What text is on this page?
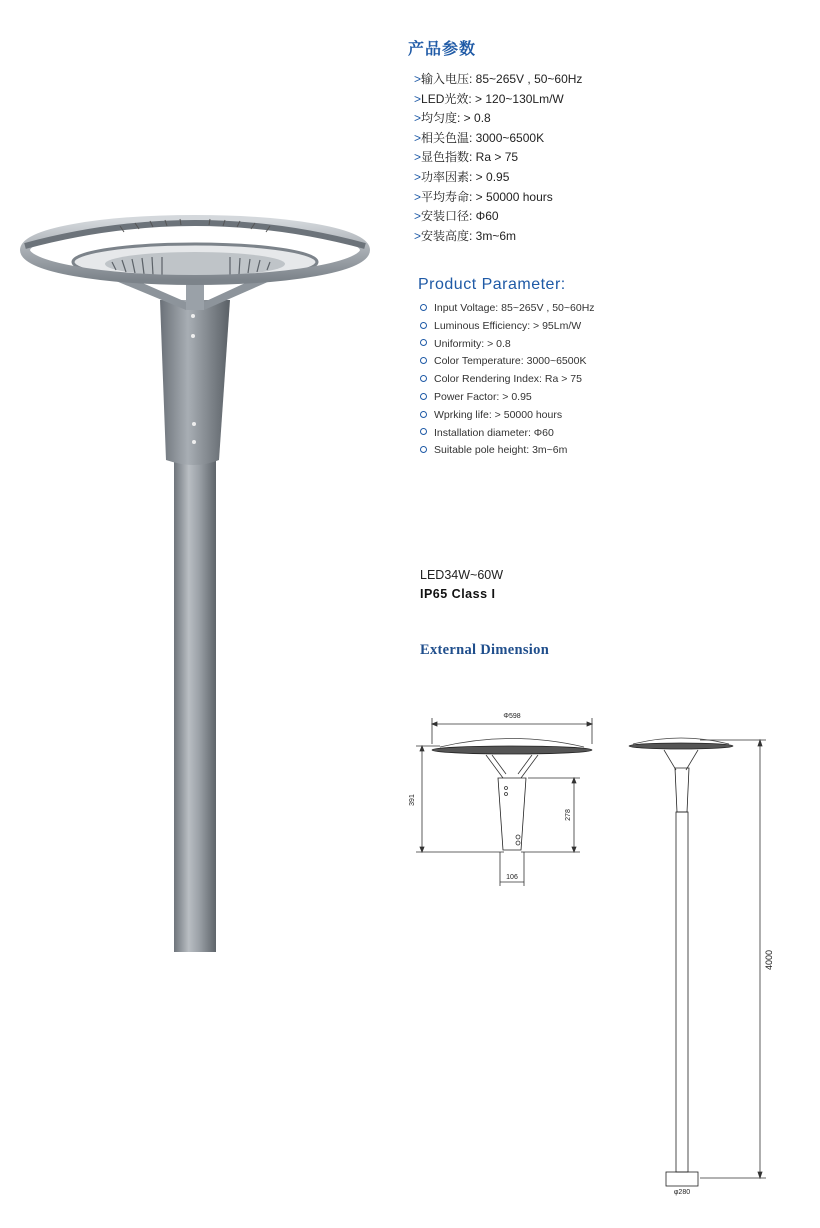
产品参数
>输入电压: 85~265V , 50~60Hz
>LED光效: > 120~130Lm/W
>均匀度: > 0.8
>相关色温: 3000~6500K
>显色指数: Ra > 75
>功率因素: > 0.95
>平均寿命: > 50000 hours
>安装口径: Φ60
>安装高度: 3m~6m
Product Parameter:
Input Voltage: 85~265V , 50~60Hz
Luminous Efficiency: > 95Lm/W
Uniformity: > 0.8
Color Temperature: 3000~6500K
Color Rendering Index: Ra > 75
Power Factor: > 0.95
Wprking life: > 50000 hours
Installation diameter: Φ60
Suitable pole height: 3m~6m
LED34W~60W
IP65 Class I
External Dimension
Φ598
391
278
106
4000
φ280
